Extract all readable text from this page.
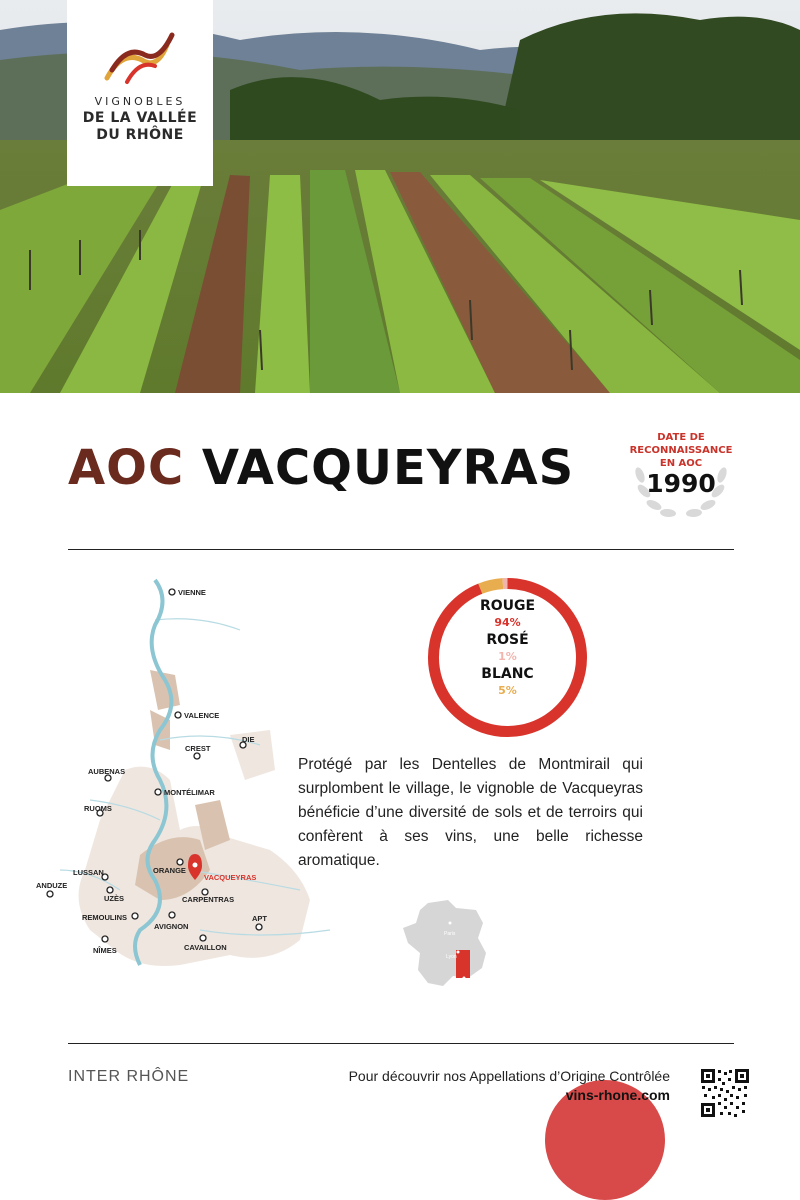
VIGNOBLES
DE LA VALLÉE
DU RHÔNE
AOC VACQUEYRAS
DATE DE
RECONNAISSANCE
EN AOC
1990
VIENNE
VALENCE
DIE
CREST
AUBENAS
MONTÉLIMAR
RUOMS
LUSSAN	ORANGE
VACQUEYRAS
ANDUZE
UZÈS	CARPENTRAS
REMOULINS
AVIGNON
APT
NÎMES	CAVAILLON
ROUGE
94%
ROSÉ
1%
BLANC
5%
Protégé par les Dentelles de Montmirail qui surplombent le village, le vignoble de Vacqueyras bénéficie d’une diversité de sols et de terroirs qui confèrent à ses vins, une belle richesse aromatique.
Paris
Lyon
Marseille
INTER RHÔNE	Pour découvrir nos Appellations d’Origine Contrôlée
vins-rhone.com
